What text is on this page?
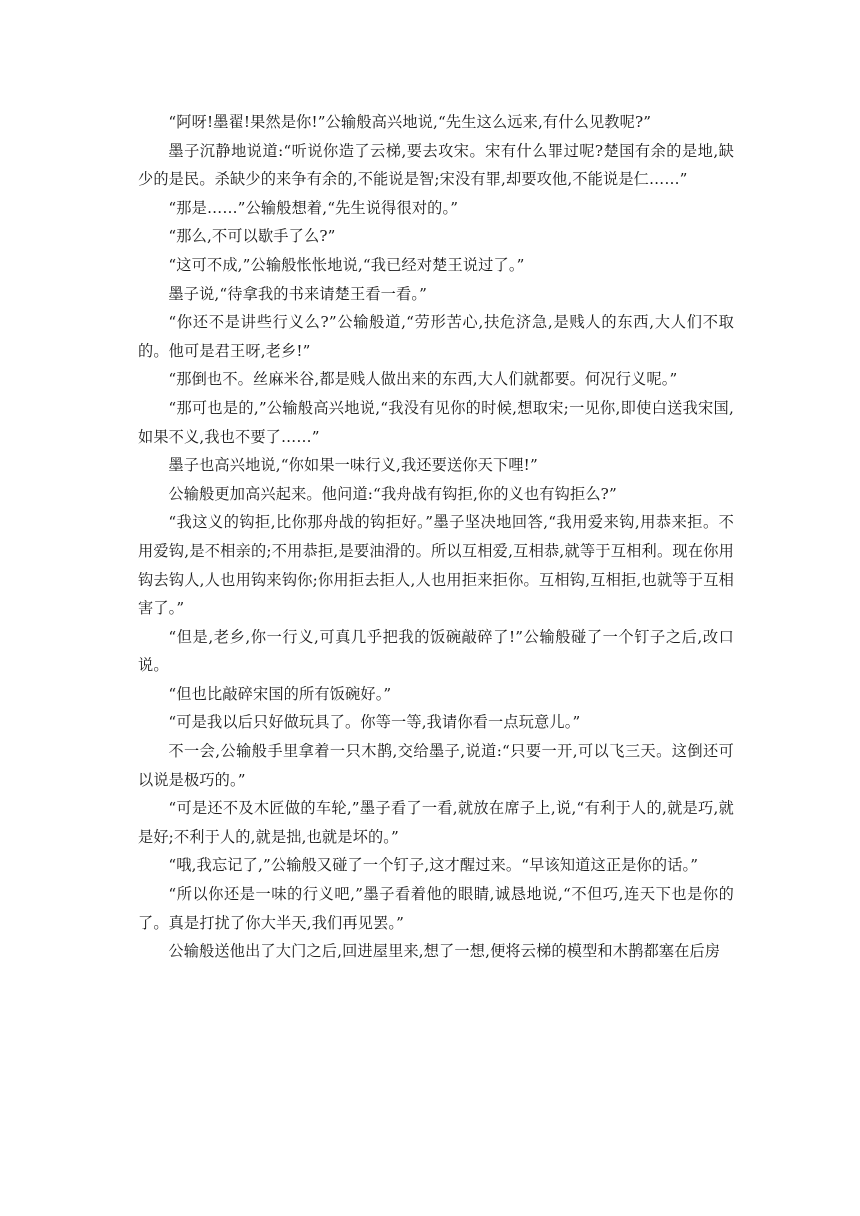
“阿呀!墨翟!果然是你!”公输般高兴地说,“先生这么远来,有什么见教呢?”

墨子沉静地说道:“听说你造了云梯,要去攻宋。宋有什么罪过呢?楚国有余的是地,缺少的是民。杀缺少的来争有余的,不能说是智;宋没有罪,却要攻他,不能说是仁……”

“那是……”公输般想着,“先生说得很对的。”

“那么,不可以歇手了么?”

“这可不成,”公输般怅怅地说,“我已经对楚王说过了。”

墨子说,“待拿我的书来请楚王看一看。”

“你还不是讲些行义么?”公输般道,“劳形苦心,扶危济急,是贱人的东西,大人们不取的。他可是君王呀,老乡!”

“那倒也不。丝麻米谷,都是贱人做出来的东西,大人们就都要。何况行义呢。”

“那可也是的,”公输般高兴地说,“我没有见你的时候,想取宋;一见你,即使白送我宋国,如果不义,我也不要了……”

墨子也高兴地说,“你如果一味行义,我还要送你天下哩!”

公输般更加高兴起来。他问道:“我舟战有钩拒,你的义也有钩拒么?”

“我这义的钩拒,比你那舟战的钩拒好。”墨子坚决地回答,“我用爱来钩,用恭来拒。不用爱钩,是不相亲的;不用恭拒,是要油滑的。所以互相爱,互相恭,就等于互相利。现在你用钩去钩人,人也用钩来钩你;你用拒去拒人,人也用拒来拒你。互相钩,互相拒,也就等于互相害了。”

“但是,老乡,你一行义,可真几乎把我的饭碗敲碎了!”公输般碰了一个钉子之后,改口说。

“但也比敲碎宋国的所有饭碗好。”

“可是我以后只好做玩具了。你等一等,我请你看一点玩意儿。”

不一会,公输般手里拿着一只木鹊,交给墨子,说道:“只要一开,可以飞三天。这倒还可以说是极巧的。”

“可是还不及木匠做的车轮,”墨子看了一看,就放在席子上,说,“有利于人的,就是巧,就是好;不利于人的,就是拙,也就是坏的。”

“哦,我忘记了,”公输般又碰了一个钉子,这才醒过来。“早该知道这正是你的话。”

“所以你还是一味的行义吧,”墨子看着他的眼睛,诚恳地说,“不但巧,连天下也是你的了。真是打扰了你大半天,我们再见罢。”

公输般送他出了大门之后,回进屋里来,想了一想,便将云梯的模型和木鹊都塞在后房
